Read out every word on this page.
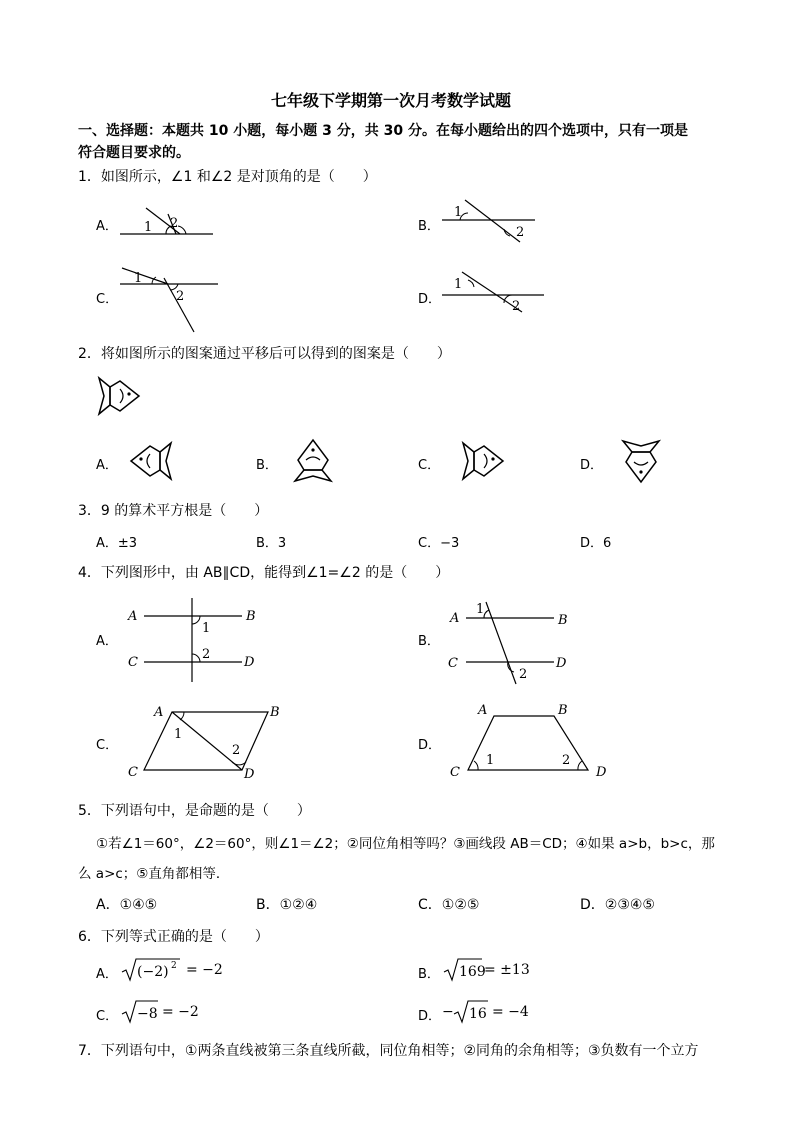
七年级下学期第一次月考数学试题
一、选择题：本题共 10 小题，每小题 3 分，共 30 分。在每小题给出的四个选项中，只有一项是
符合题目要求的。
1．如图所示，∠1 和∠2 是对顶角的是（　　）
A．	B．
C．	D．
1 2
1
2
1
2
1
2
2．将如图所示的图案通过平移后可以得到的图案是（　　）
A．	B．	C．	D．
3．9 的算术平方根是（　　）
A．±3	B．3	C．−3	D．6
4．下列图形中，由 AB∥CD，能得到∠1=∠2 的是（　　）
A．	B．
C．	D．
A	B
C	D
1
2
A	B
C	D
1
2
A	B
C	D
1
2
A	B
C	D
1	2
5．下列语句中，是命题的是（　　）
①若∠1＝60°，∠2＝60°，则∠1＝∠2；②同位角相等吗？③画线段 AB＝CD；④如果 a>b，b>c，那
么 a>c；⑤直角都相等．
A．①④⑤	B．①②④	C．①②⑤	D．②③④⑤
6．下列等式正确的是（　　）
A． (−2) 2 = −2	B． 169
= ±13
C． −8 = −2	D． − 16 = −4
7．下列语句中，①两条直线被第三条直线所截，同位角相等；②同角的余角相等；③负数有一个立方
